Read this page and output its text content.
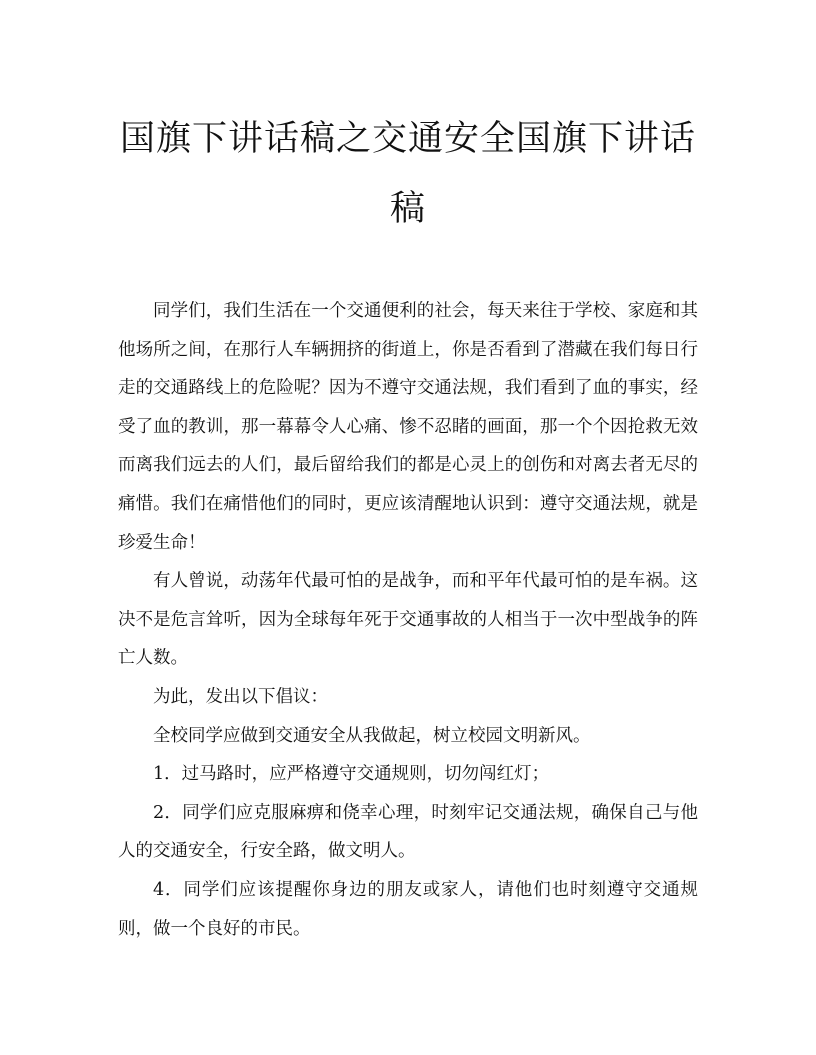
国旗下讲话稿之交通安全国旗下讲话稿

同学们，我们生活在一个交通便利的社会，每天来往于学校、家庭和其他场所之间，在那行人车辆拥挤的街道上，你是否看到了潜藏在我们每日行走的交通路线上的危险呢？因为不遵守交通法规，我们看到了血的事实，经受了血的教训，那一幕幕令人心痛、惨不忍睹的画面，那一个个因抢救无效而离我们远去的人们，最后留给我们的都是心灵上的创伤和对离去者无尽的痛惜。我们在痛惜他们的同时，更应该清醒地认识到：遵守交通法规，就是珍爱生命！

有人曾说，动荡年代最可怕的是战争，而和平年代最可怕的是车祸。这决不是危言耸听，因为全球每年死于交通事故的人相当于一次中型战争的阵亡人数。

为此，发出以下倡议：

全校同学应做到交通安全从我做起，树立校园文明新风。

1．过马路时，应严格遵守交通规则，切勿闯红灯；

2．同学们应克服麻痹和侥幸心理，时刻牢记交通法规，确保自己与他人的交通安全，行安全路，做文明人。

4．同学们应该提醒你身边的朋友或家人，请他们也时刻遵守交通规则，做一个良好的市民。
